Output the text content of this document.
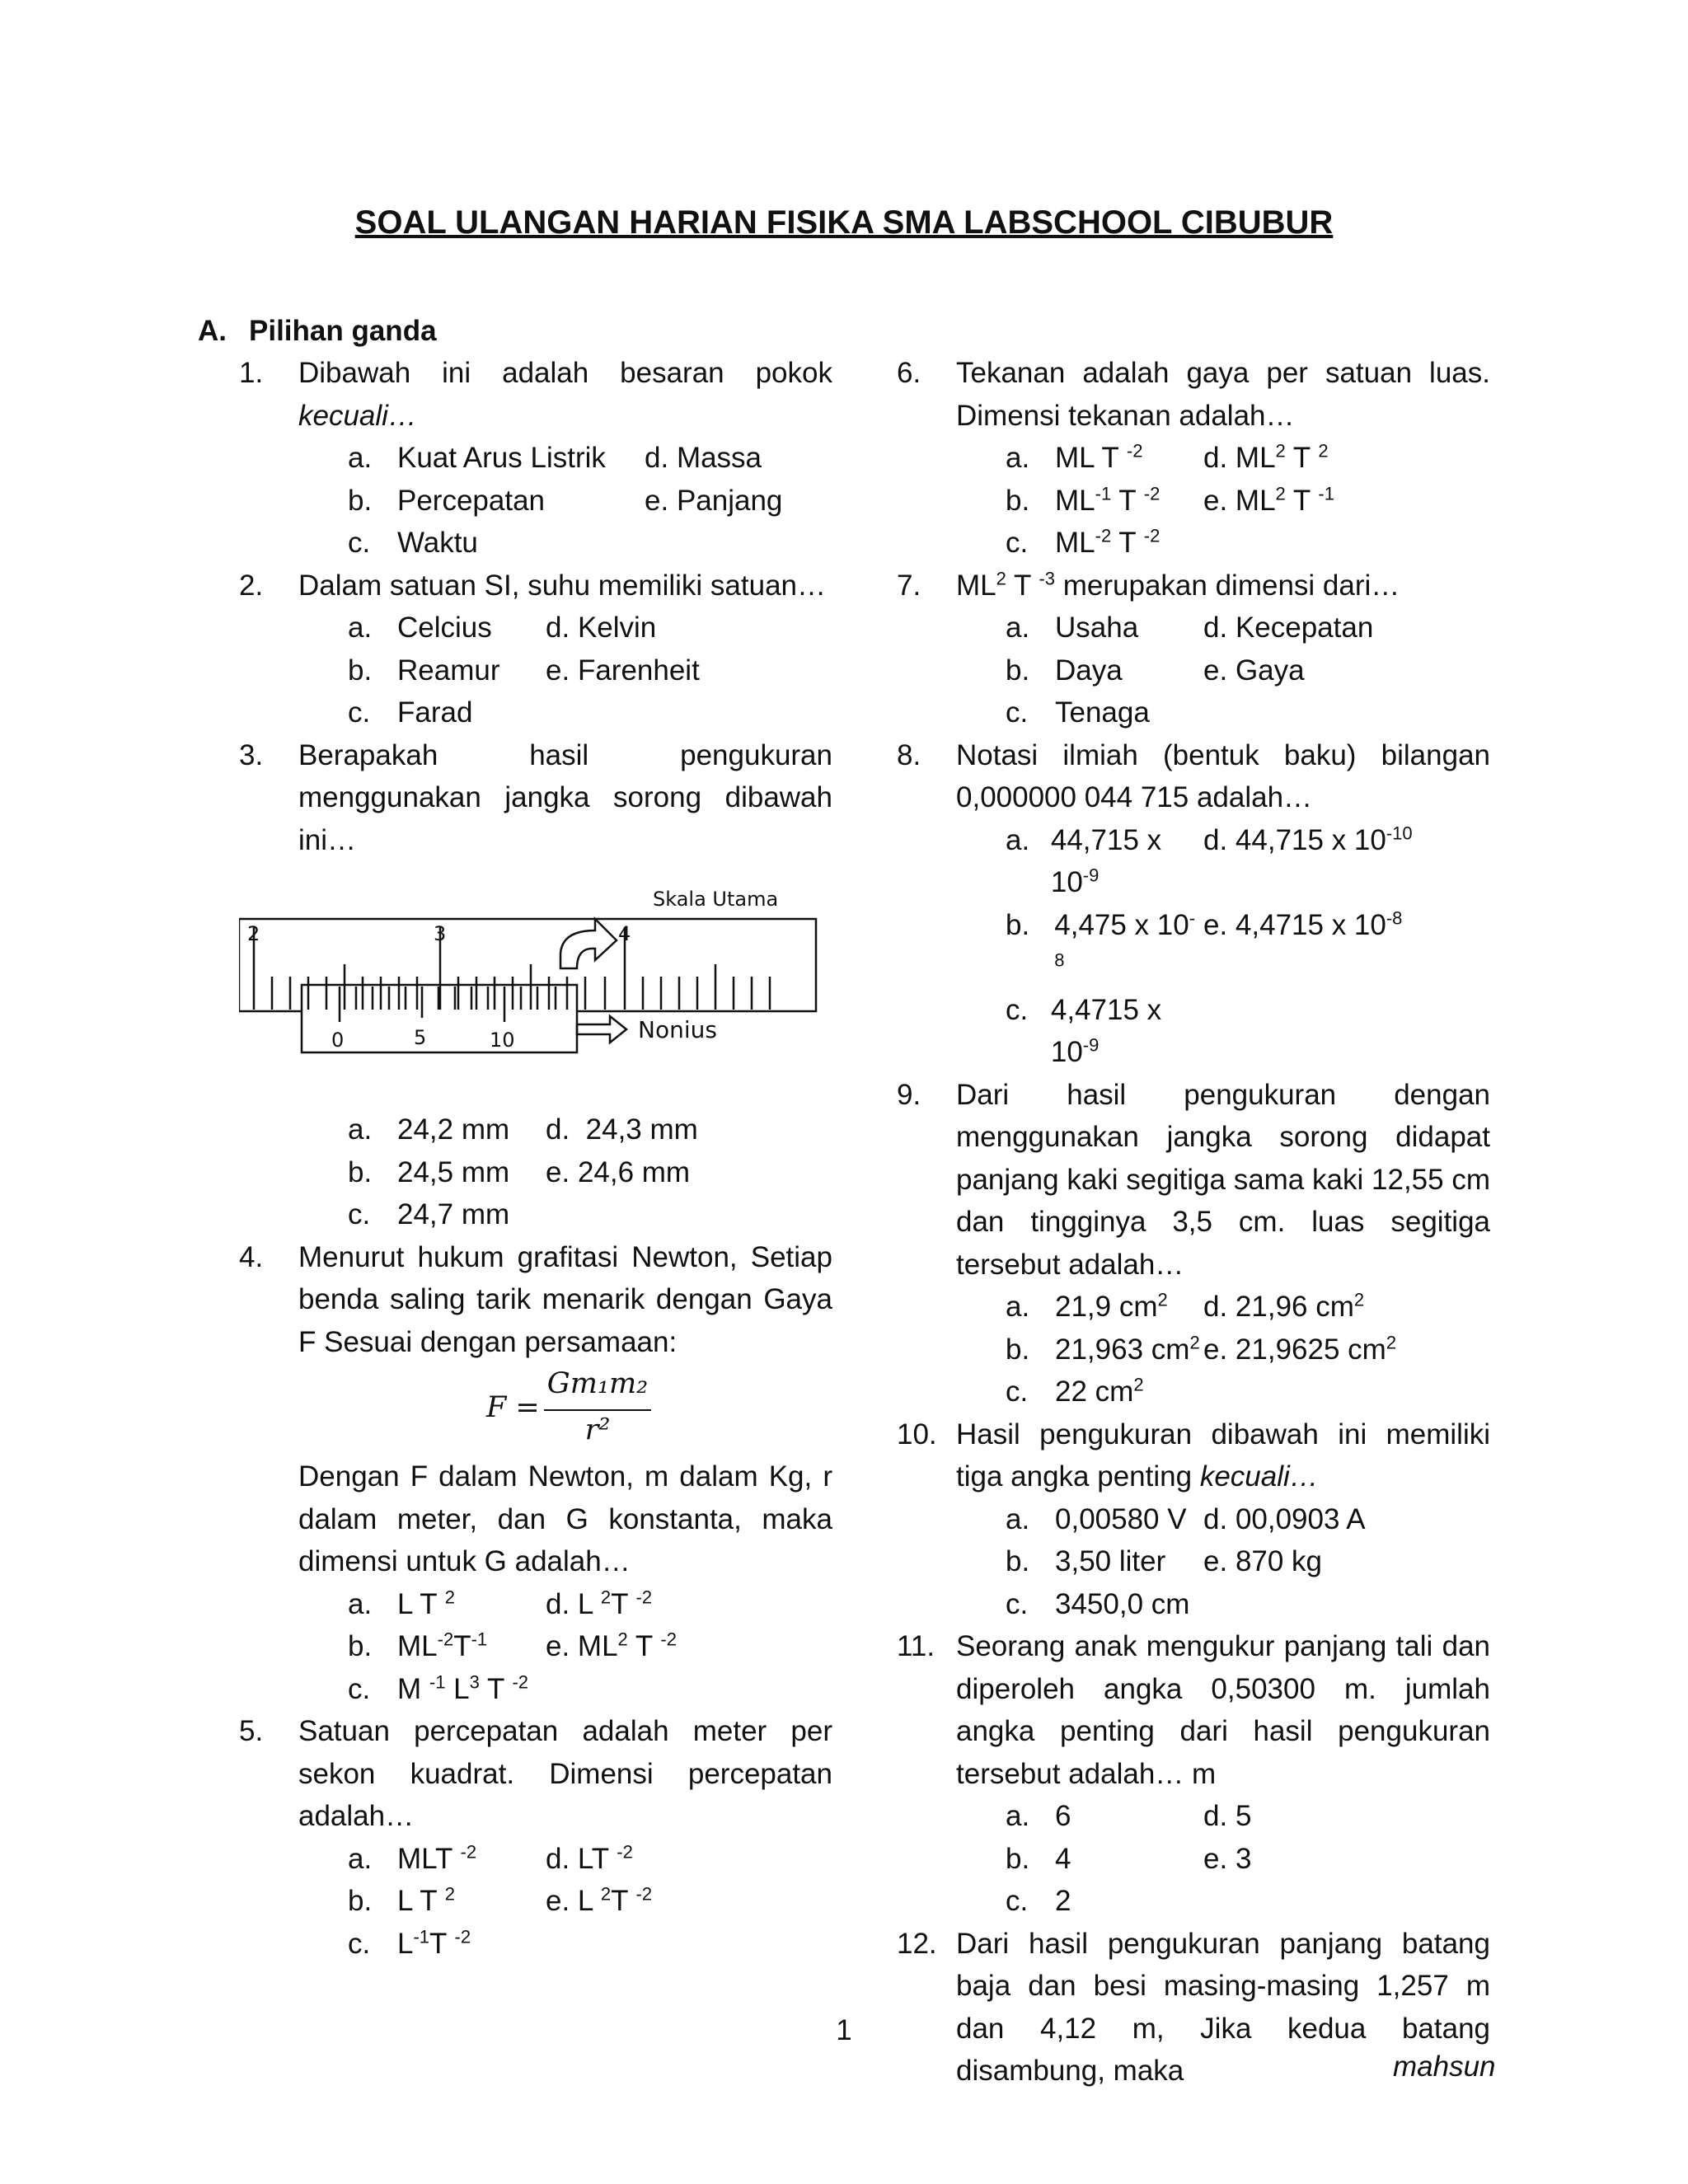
SOAL ULANGAN HARIAN FISIKA SMA LABSCHOOL CIBUBUR
A. Pilihan ganda
1. Dibawah ini adalah besaran pokok kecuali…
a. Kuat Arus Listrik d.
Massa
b. Percepatan	e.
Panjang
c. Waktu
2. Dalam satuan SI, suhu memiliki satuan…
a. Celcius d.
Kelvin
b. Reamur e.
Farenheit
c. Farad
3. Berapakah hasil pengukuran menggunakan jangka sorong dibawah ini…
2	3	4
0	5	10
Skala Utama
Nonius
a. 24,2 mm d.
24,3 mm
b. 24,5 mm e.
24,6 mm
c. 24,7 mm
4. Menurut hukum grafitasi Newton, Setiap benda saling tarik menarik dengan Gaya F Sesuai dengan persamaan:
F =
Gm₁m₂
r²
Dengan F dalam Newton, m dalam Kg, r dalam meter, dan G konstanta, maka dimensi untuk G adalah…
a. L T $^2$	d. L $^2$T $^{-2}$
b. $ML^{-2}T^{-1}$ e. $ML^2$ T $^{-2}$
c. M $^{-1}$ $L^3$ T $^{-2}$
5. Satuan percepatan adalah meter per sekon kuadrat. Dimensi percepatan adalah…
a. MLT $^{-2}$ d. LT $^{-2}$
b. L T $^2$	e. L $^2$T $^{-2}$
c. $L^{-1}T$ $^{-2}$
6. Tekanan adalah gaya per satuan luas. Dimensi tekanan adalah…
a. ML T $^{-2}$ d. $ML^2$ T $^2$
b. $ML^{-1}$ T $^{-2}$ e. $ML^2$ T $^{-1}$
c. $ML^{-2}$ T $^{-2}$
7. $ML^2$ T $^{-3}$ merupakan dimensi dari…
a. Usaha d.
Kecepatan
b. Daya	e.
Gaya
c. Tenaga
8. Notasi ilmiah (bentuk baku) bilangan 0,000000 044 715 adalah…
a. 44,715 x $10^{-9}$
d. 44,715 x $10^{-10}$
b. 4,475 x $10^{-8}$
e. 4,4715 x $10^{-8}$
c. 4,4715 x $10^{-9}$
9. Dari hasil pengukuran dengan menggunakan jangka sorong didapat panjang kaki segitiga sama kaki 12,55 cm dan tingginya 3,5 cm. luas segitiga tersebut adalah…
a. 21,9 $cm^2$ d. 21,96 $cm^2$
b. 21,963 $cm^2$ e. 21,9625 $cm^2$
c. 22 $cm^2$
10. Hasil pengukuran dibawah ini memiliki tiga angka penting kecuali…
a. 0,00580 V d.
00,0903 A
b. 3,50 liter e.
870 kg
c. 3450,0 cm
11. Seorang anak mengukur panjang tali dan diperoleh angka 0,50300 m. jumlah angka penting dari hasil pengukuran tersebut adalah… m
a. 6	d.
5
b. 4	e.
3
c. 2
12. Dari hasil pengukuran panjang batang baja dan besi masing-masing 1,257 m dan 4,12 m, Jika kedua batang disambung, maka
1
mahsun
